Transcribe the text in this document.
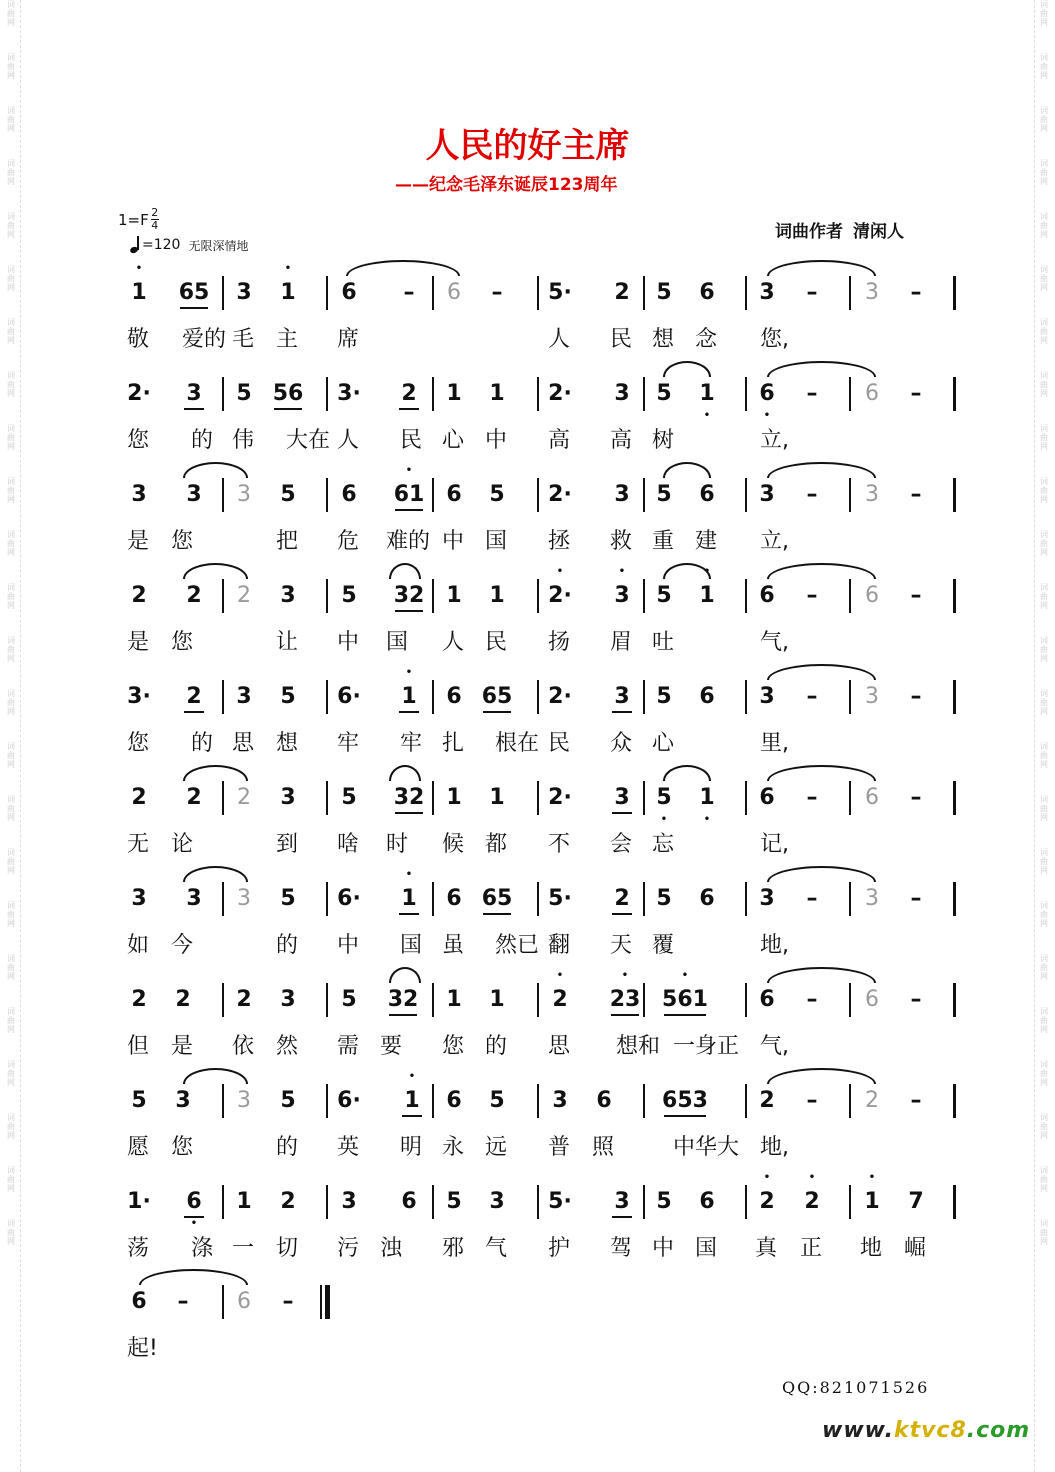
词
曲
网
词
曲
网
词
曲
网
词
曲
网
词
曲
网
词
曲
网
词
曲
网
词
曲
网
词
曲
网
词
曲
网
词
曲
网
词
曲
网
词
曲
网
词
曲
网
词
曲
网
词
曲
网
词
曲
网
词
曲
网
词
曲
网
词
曲
网
词
曲
网
词
曲
网
词
曲
网
词
曲
网
词
曲
网
词
曲
网
词
曲
网
词
曲
网
词
曲
网
词
曲
网
词
曲
网
词
曲
网
词
曲
网
词
曲
网
词
曲
网
词
曲
网
词
曲
网
词
曲
网
词
曲
网
词
曲
网
词
曲
网
词
曲
网
词
曲
网
词
曲
网
词
曲
网
词
曲
网
词
曲
网
词
曲
网
人民的好主席
——纪念毛泽东诞辰123周年
$1=F \frac{2}{4}$
=120 无限深情地
词曲作者 清闲人
• 1	65	3	• 1	6	–	6	–	5·	2	5	6	3	–	3	–
敬	爱的 毛 主	席	人	民 想 念	您,
2·	3	5 56 3·	2	1	1	2·	3	5	• 1	• 6	–	6	–
您	的 伟	大在 人	民 心 中	高	高 树	立,
3	3	3	5	6	• 61	6	5	2·	3	5	6	3	–	3	–
是 您	把	危	难的 中 国	拯	救 重 建	立,
2	2	2	3	5	32	1	1	• 2·	• 3	5	• 1	6	–	6	–
是 您	让	中	国	人 民	扬	眉 吐	气,
3·	2	3	5	6·	• 1	6 65 2·	3	5	6	3	–	3	–
您	的 思 想	牢	牢 扎	根在 民	众 心	里,
2	2	2	3	5	32	1	1	2·	3	• 5	• 1	6	–	6	–
无 论	到	啥	时	候 都	不	会 忘	记,
3	3	3	5	6·	• 1	6 65 5·	2	5	6	3	–	3	–
如 今	的	中	国 虽	然已 翻	天 覆	地,
2	2	2	3	5	32	1	1	• 2	• 23 • 561	6	–	6	–
但 是	依 然	需 要	您 的	思	想和 一身正 气,
5	3	3	5	6·	• 1	6	5	3	6	653	2	–	2	–
愿 您	的	英	明 永 远	普 照	中华大 地,
1·	• 6	1	2	3	6	5	3	5·	3	5	6	• 2	• 2	• 1	7
荡	涤 一 切	污 浊	邪 气	护	驾 中 国	真	正	地 崛
6	–	6	–
起!
QQ:821071526
www.ktvc8.com
